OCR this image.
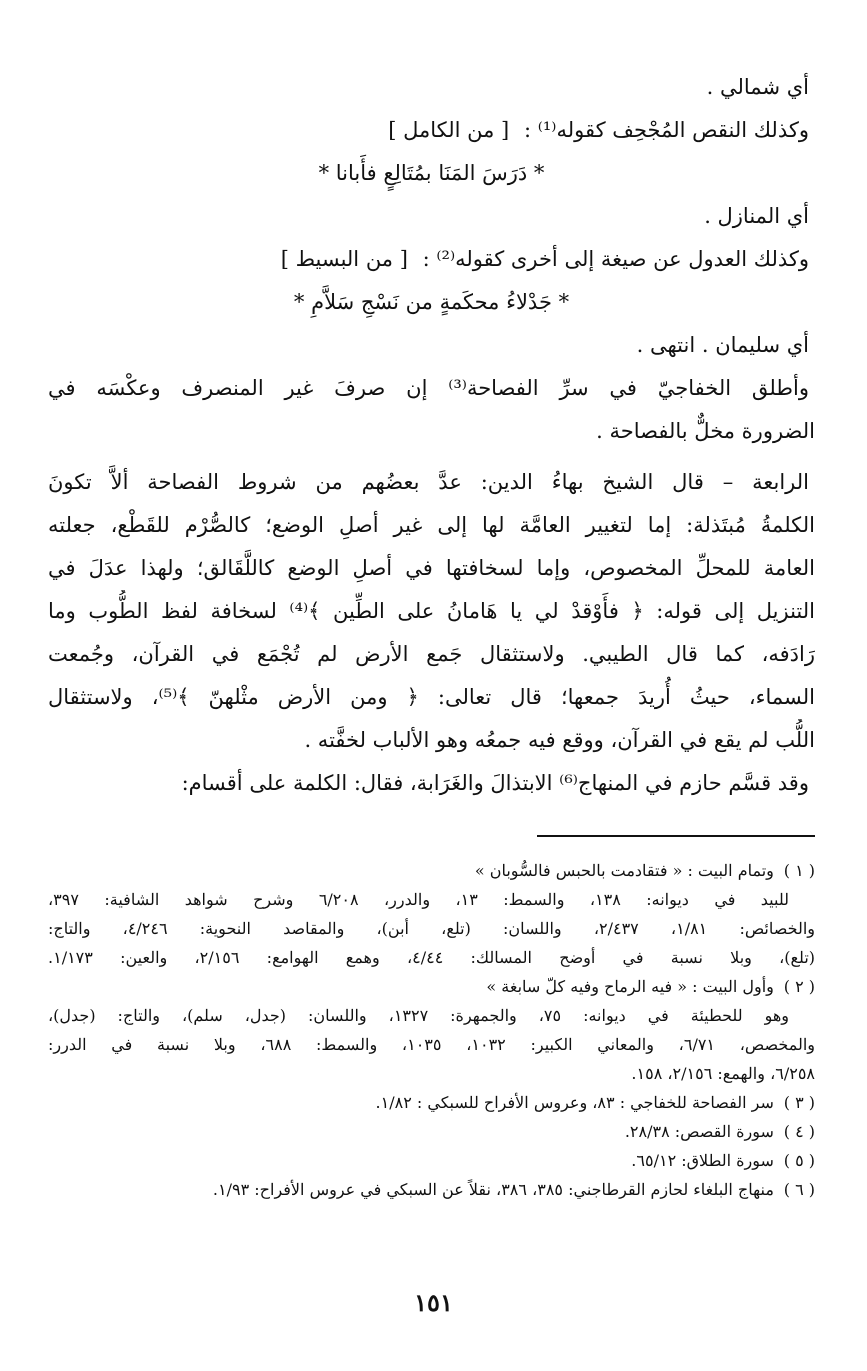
أي شمالي .
وكذلك النقص المُجْحِف كقوله⁽¹⁾ : [ من الكامل ]
* دَرَسَ المَنَا بمُتَالِعٍ فأَبانا *
أي المنازل .
وكذلك العدول عن صيغة إلى أخرى كقوله⁽²⁾ : [ من البسيط ]
* جَدْلاءُ محكَمةٍ من نَسْجِ سَلاَّمِ *
أي سليمان . انتهى .
وأطلق الخفاجيّ في سرِّ الفصاحة⁽³⁾ إن صرفَ غير المنصرف وعكْسَه في
الضرورة مخلٌّ بالفصاحة .
الرابعة – قال الشيخ بهاءُ الدين: عدَّ بعضُهم من شروط الفصاحة ألاَّ تكونَ
الكلمةُ مُبتَذلة: إما لتغيير العامَّة لها إلى غير أصلِ الوضع؛ كالصُّرْم للقَطْع، جعلته
العامة للمحلِّ المخصوص، وإما لسخافتها في أصلِ الوضع كاللَّقَالق؛ ولهذا عدَلَ في
التنزيل إلى قوله: ﴿ فأَوْقدْ لي يا هَامانُ على الطِّين ﴾⁽⁴⁾ لسخافة لفظ الطُّوب وما
رَادَفه، كما قال الطيبي. ولاستثقال جَمع الأرض لم تُجْمَع في القرآن، وجُمعت
السماء، حيثُ أُريدَ جمعها؛ قال تعالى: ﴿ ومن الأرض مثْلهنّ ﴾⁽⁵⁾، ولاستثقال
اللُّب لم يقع في القرآن، ووقع فيه جمعُه وهو الألباب لخفَّته .
وقد قسَّم حازم في المنهاج⁽⁶⁾ الابتذالَ والغَرَابة، فقال: الكلمة على أقسام:
( ١ ) وتمام البيت : « فتقادمت بالحبس فالسُّوبان »
للبيد في ديوانه: ١٣٨، والسمط: ١٣، والدرر، ٦/٢٠٨ وشرح شواهد الشافية: ٣٩٧،
والخصائص: ١/٨١، ٢/٤٣٧، واللسان: (تلع، أبن)، والمقاصد النحوية: ٤/٢٤٦، والتاج:
(تلع)، وبلا نسبة في أوضح المسالك: ٤/٤٤، وهمع الهوامع: ٢/١٥٦، والعين: ١/١٧٣.
( ٢ ) وأول البيت : « فيه الرماح وفيه كلّ سابغة »
وهو للحطيئة في ديوانه: ٧٥، والجمهرة: ١٣٢٧، واللسان: (جدل، سلم)، والتاج: (جدل)،
والمخصص، ٦/٧١، والمعاني الكبير: ١٠٣٢، ١٠٣٥، والسمط: ٦٨٨، وبلا نسبة في الدرر:
٦/٢٥٨، والهمع: ٢/١٥٦، ١٥٨.
( ٣ ) سر الفصاحة للخفاجي : ٨٣، وعروس الأفراح للسبكي : ١/٨٢.
( ٤ ) سورة القصص: ٢٨/٣٨.
( ٥ ) سورة الطلاق: ٦٥/١٢.
( ٦ ) منهاج البلغاء لحازم القرطاجني: ٣٨٥، ٣٨٦، نقلاً عن السبكي في عروس الأفراح: ١/٩٣.
١٥١
